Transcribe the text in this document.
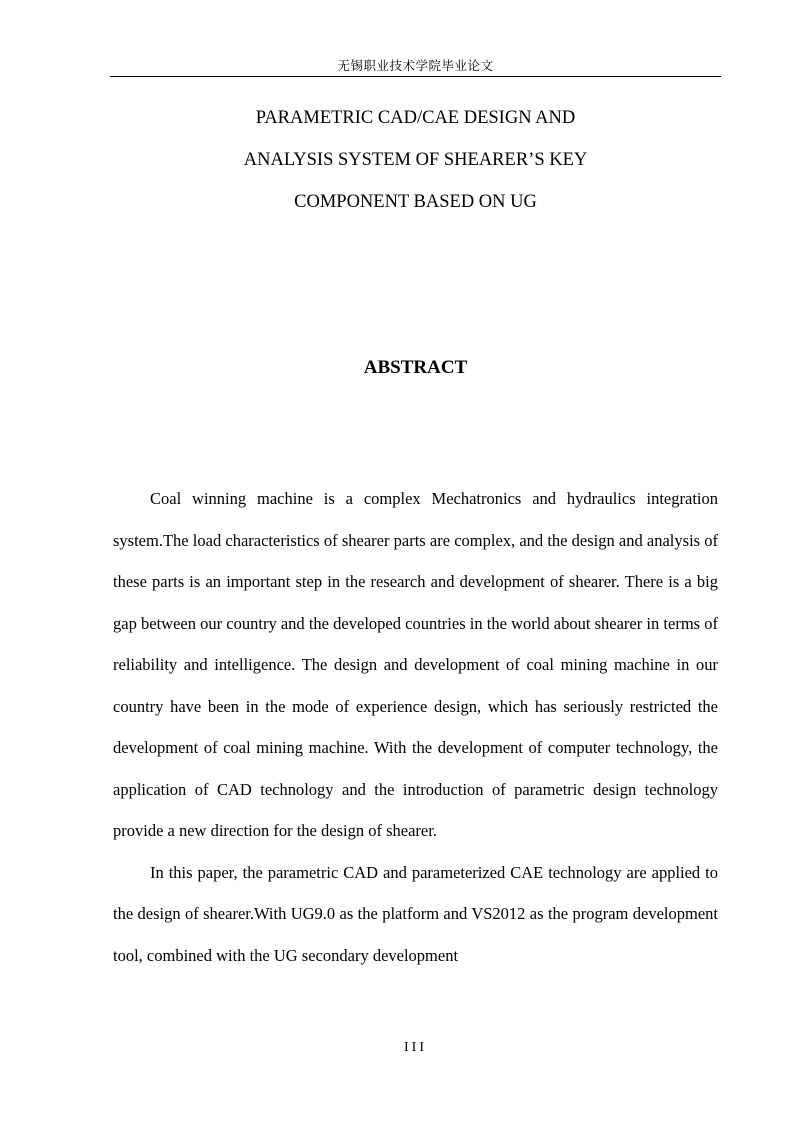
无锡职业技术学院毕业论文
PARAMETRIC CAD/CAE DESIGN AND
ANALYSIS SYSTEM OF SHEARER’S KEY
COMPONENT BASED ON UG
ABSTRACT

Coal winning machine is a complex Mechatronics and hydraulics integration system.The load characteristics of shearer parts are complex, and the design and analysis of these parts is an important step in the research and development of shearer. There is a big gap between our country and the developed countries in the world about shearer in terms of reliability and intelligence. The design and development of coal mining machine in our country have been in the mode of experience design, which has seriously restricted the development of coal mining machine. With the development of computer technology, the application of CAD technology and the introduction of parametric design technology provide a new direction for the design of shearer.

In this paper, the parametric CAD and parameterized CAE technology are applied to the design of shearer.With UG9.0 as the platform and VS2012 as the program development tool, combined with the UG secondary development

III
